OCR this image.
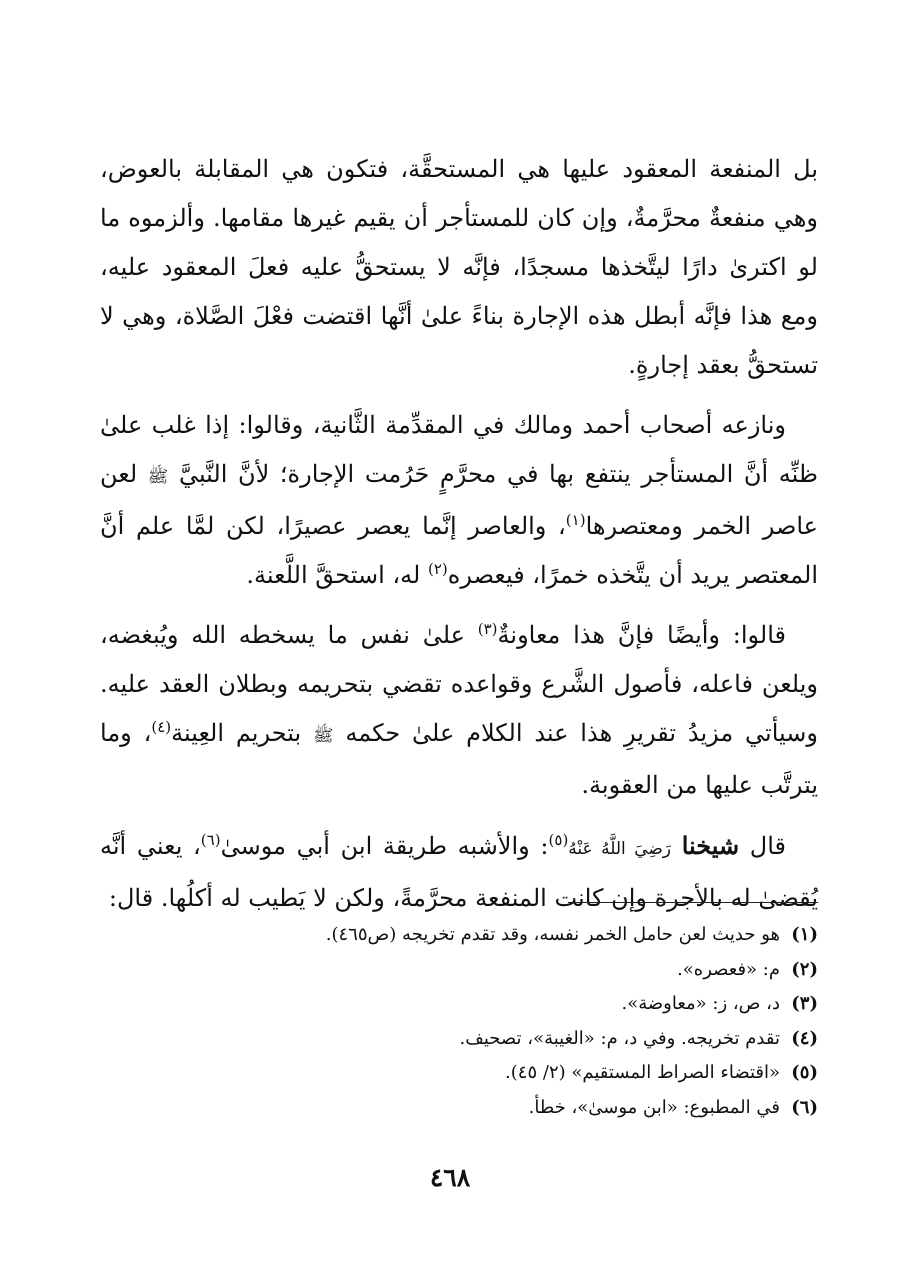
بل المنفعة المعقود عليها هي المستحقَّة، فتكون هي المقابلة بالعوض، وهي منفعةٌ محرَّمةٌ، وإن كان للمستأجر أن يقيم غيرها مقامها. وألزموه ما لو اكترىٰ دارًا ليتَّخذها مسجدًا، فإنَّه لا يستحقُّ عليه فعلَ المعقود عليه، ومع هذا فإنَّه أبطل هذه الإجارة بناءً علىٰ أنَّها اقتضت فعْلَ الصَّلاة، وهي لا تستحقُّ بعقد إجارةٍ.

ونازعه أصحاب أحمد ومالك في المقدِّمة الثَّانية، وقالوا: إذا غلب علىٰ ظنِّه أنَّ المستأجر ينتفع بها في محرَّمٍ حَرُمت الإجارة؛ لأنَّ النَّبيَّ ﷺ لعن عاصر الخمر ومعتصرها$^{(١)}$، والعاصر إنَّما يعصر عصيرًا، لكن لمَّا علم أنَّ المعتصر يريد أن يتَّخذه خمرًا، فيعصره$^{(٢)}$ له، استحقَّ اللَّعنة.

قالوا: وأيضًا فإنَّ هذا معاونةٌ$^{(٣)}$ علىٰ نفس ما يسخطه الله ويُبغضه، ويلعن فاعله، فأصول الشَّرع وقواعده تقضي بتحريمه وبطلان العقد عليه. وسيأتي مزيدُ تقريرِ هذا عند الكلام علىٰ حكمه ﷺ بتحريم العِينة$^{(٤)}$، وما يترتَّب عليها من العقوبة.

قال شيخنا رَضِيَ اللَّهُ عَنْهُ$^{(٥)}$: والأشبه طريقة ابن أبي موسىٰ$^{(٦)}$، يعني أنَّه يُقضىٰ له بالأجرة وإن كانت المنفعة محرَّمةً، ولكن لا يَطيب له أكلُها. قال:

(١)هو حديث لعن حامل الخمر نفسه، وقد تقدم تخريجه (ص٤٦٥).
(٢)م: «فعصره».
(٣)د، ص، ز: «معاوضة».
(٤)تقدم تخريجه. وفي د، م: «الغيبة»، تصحيف.
(٥)«اقتضاء الصراط المستقيم» (٢/ ٤٥).
(٦)في المطبوع: «ابن موسىٰ»، خطأ.
٤٦٨
